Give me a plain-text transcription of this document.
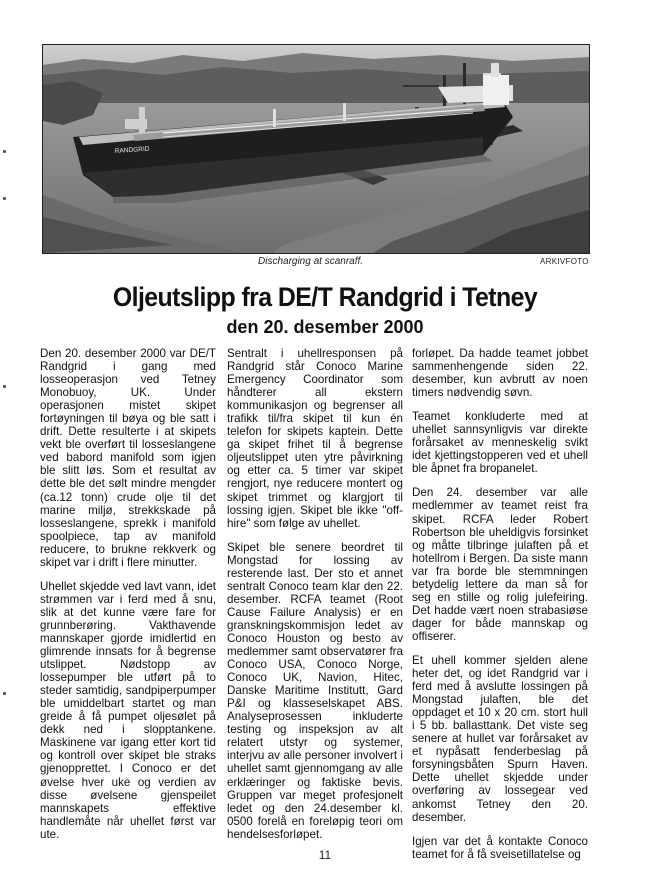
RANDGRID
Discharging at scanraff.	ARKIVFOTO
Oljeutslipp fra DE/T Randgrid i Tetney
den 20. desember 2000

Den 20. desember 2000 var DE/T Randgrid i gang med losseoperasjon ved Tetney Monobuoy, UK. Under operasjonen mistet skipet fortøyningen til bøya og ble satt i drift. Dette resulterte i at skipets vekt ble overført til losseslangene ved babord manifold som igjen ble slitt løs. Som et resultat av dette ble det sølt mindre mengder (ca.12 tonn) crude olje til det marine miljø, strekkskade på losseslangene, sprekk i manifold spoolpiece, tap av manifold reducere, to brukne rekkverk og skipet var i drift i flere minutter.

Uhellet skjedde ved lavt vann, idet strømmen var i ferd med å snu, slik at det kunne være fare for grunnberøring. Vakthavende mannskaper gjorde imidlertid en glimrende innsats for å begrense utslippet. Nødstopp av lossepumper ble utført på to steder samtidig, sandpiperpumper ble umiddelbart startet og man greide å få pumpet oljesølet på dekk ned i slopptankene. Maskinene var igang etter kort tid og kontroll over skipet ble straks gjenopprettet. I Conoco er det øvelse hver uke og verdien av disse øvelsene gjenspeilet mannskapets effektive handlemåte når uhellet først var ute.

Sentralt i uhellresponsen på Randgrid står Conoco Marine Emergency Coordinator som håndterer all ekstern kommunikasjon og begrenser all trafikk til/fra skipet til kun én telefon for skipets kaptein. Dette ga skipet frihet til å begrense oljeutslippet uten ytre påvirkning og etter ca. 5 timer var skipet rengjort, nye reducere montert og skipet trimmet og klargjort til lossing igjen. Skipet ble ikke "off-hire" som følge av uhellet.

Skipet ble senere beordret til Mongstad for lossing av resterende last. Der sto et annet sentralt Conoco team klar den 22. desember. RCFA teamet (Root Cause Failure Analysis) er en granskningskommisjon ledet av Conoco Houston og besto av medlemmer samt observatører fra Conoco USA, Conoco Norge, Conoco UK, Navion, Hitec, Danske Maritime Institutt, Gard P&I og klasseselskapet ABS. Analyseprosessen inkluderte testing og inspeksjon av alt relatert utstyr og systemer, interjvu av alle personer involvert i uhellet samt gjennomgang av alle erklæringer og faktiske bevis. Gruppen var meget profesjonelt ledet og den 24.desember kl. 0500 forelå en foreløpig teori om hendelsesforløpet.

forløpet. Da hadde teamet jobbet sammenhengende siden 22. desember, kun avbrutt av noen timers nødvendig søvn.

Teamet konkluderte med at uhellet sannsynligvis var direkte forårsaket av menneskelig svikt idet kjettingstopperen ved et uhell ble åpnet fra bropanelet.

Den 24. desember var alle medlemmer av teamet reist fra skipet. RCFA leder Robert Robertson ble uheldigvis forsinket og måtte tilbringe julaften på et hotellrom i Bergen. Da siste mann var fra borde ble stemmningen betydelig lettere da man så for seg en stille og rolig julefeiring. Det hadde vært noen strabasiøse dager for både mannskap og offiserer.

Et uhell kommer sjelden alene heter det, og idet Randgrid var i ferd med å avslutte lossingen på Mongstad julaften, ble det oppdaget et 10 x 20 cm. stort hull i 5 bb. ballasttank. Det viste seg senere at hullet var forårsaket av et nypåsatt fenderbeslag på forsyningsbåten Spurn Haven. Dette uhellet skjedde under overføring av lossegear ved ankomst Tetney den 20. desember.

Igjen var det å kontakte Conoco teamet for å få sveisetillatelse og

11
